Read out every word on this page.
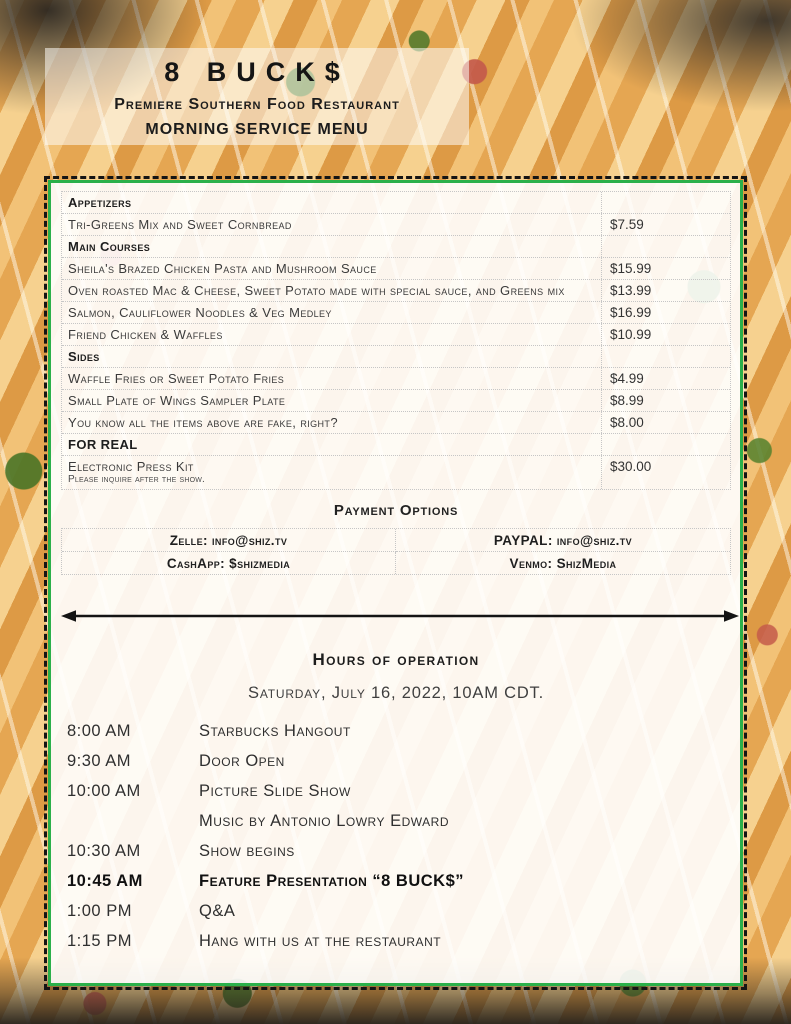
8 BUCK$
Premiere Southern Food Restaurant
MORNING SERVICE MENU
Appetizers
Tri-Greens Mix and Sweet Cornbread	$7.59
Main Courses
Sheila's Brazed Chicken Pasta and Mushroom Sauce	$15.99
Oven roasted Mac & Cheese, Sweet Potato made with special sauce, and Greens mix	$13.99
Salmon, Cauliflower Noodles & Veg Medley	$16.99
Friend Chicken & Waffles	$10.99
Sides
Waffle Fries or Sweet Potato Fries	$4.99
Small Plate of Wings Sampler Plate	$8.99
You know all the items above are fake, right?	$8.00
FOR REAL
Electronic Press Kit
Please inquire after the show.
$30.00
Payment Options
Zelle: info@shiz.tv	PAYPAL: info@shiz.tv
CashApp: $shizmedia	Venmo: ShizMedia
Hours of operation
Saturday, July 16, 2022, 10AM CDT.
8:00 AM	Starbucks Hangout
9:30 AM	Door Open
10:00 AM	Picture Slide Show
Music by Antonio Lowry Edward
10:30 AM	Show begins
10:45 AM	Feature Presentation “8 BUCK$”
1:00 PM	Q&A
1:15 PM	Hang with us at the restaurant
